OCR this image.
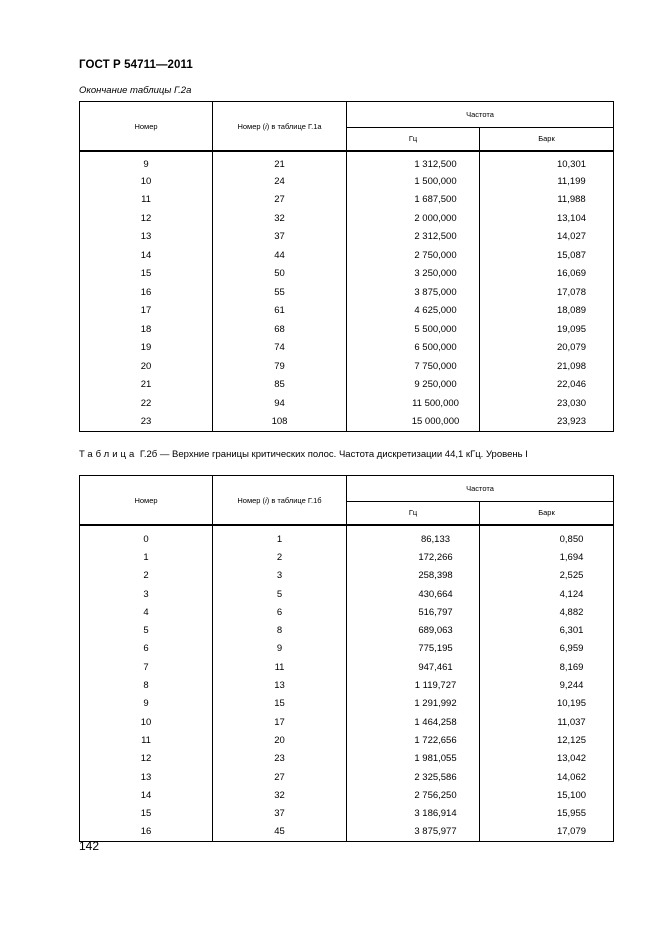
ГОСТ Р 54711—2011
Окончание таблицы Г.2а
Номер	Номер (i) в таблице Г.1а	Частота	
		Гц	Барк
9	21	1 312,500	10,301
10	24	1 500,000	11,199
11	27	1 687,500	11,988
12	32	2 000,000	13,104
13	37	2 312,500	14,027
14	44	2 750,000	15,087
15	50	3 250,000	16,069
16	55	3 875,000	17,078
17	61	4 625,000	18,089
18	68	5 500,000	19,095
19	74	6 500,000	20,079
20	79	7 750,000	21,098
21	85	9 250,000	22,046
22	94	11 500,000	23,030
23	108	15 000,000	23,923
Таблица Г.2б — Верхние границы критических полос. Частота дискретизации 44,1 кГц. Уровень I
Номер	Номер (i) в таблице Г.1б	Частота	
		Гц	Барк
0	1	86,133	0,850
1	2	172,266	1,694
2	3	258,398	2,525
3	5	430,664	4,124
4	6	516,797	4,882
5	8	689,063	6,301
6	9	775,195	6,959
7	11	947,461	8,169
8	13	1 119,727	9,244
9	15	1 291,992	10,195
10	17	1 464,258	11,037
11	20	1 722,656	12,125
12	23	1 981,055	13,042
13	27	2 325,586	14,062
14	32	2 756,250	15,100
15	37	3 186,914	15,955
16	45	3 875,977	17,079
142
